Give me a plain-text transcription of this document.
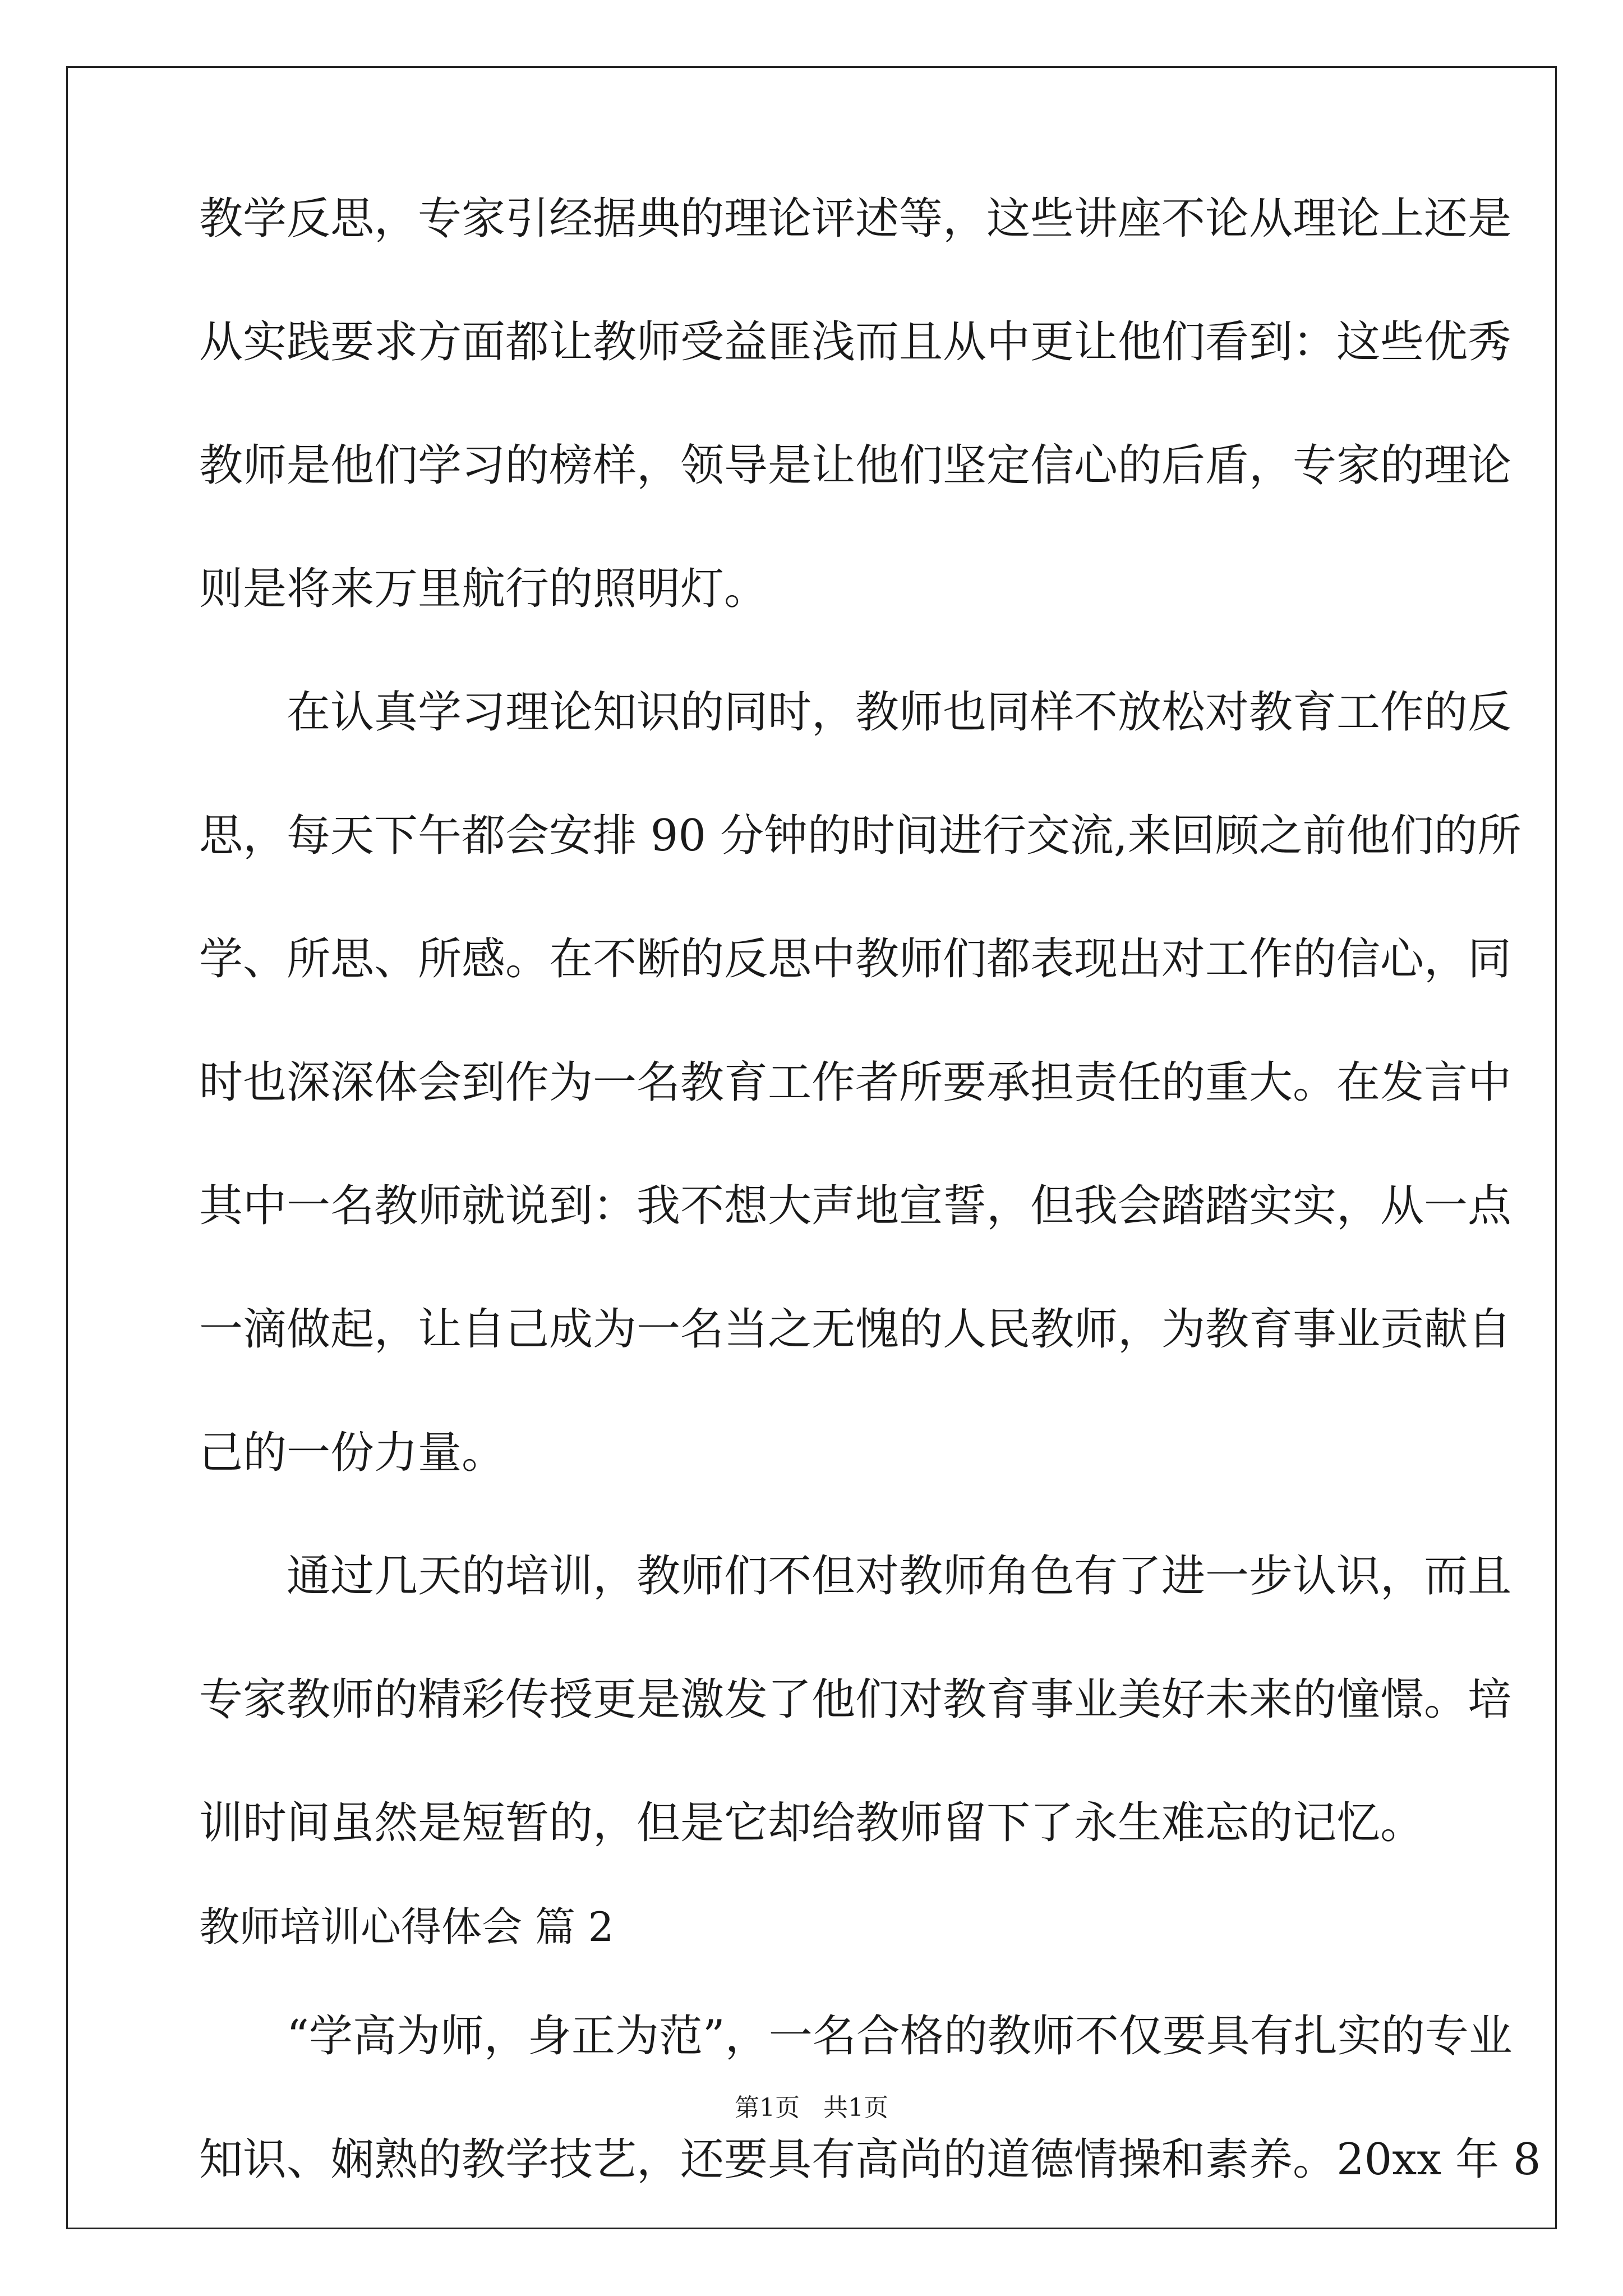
教学反思，专家引经据典的理论评述等，这些讲座不论从理论上还是
从实践要求方面都让教师受益匪浅而且从中更让他们看到：这些优秀
教师是他们学习的榜样，领导是让他们坚定信心的后盾，专家的理论
则是将来万里航行的照明灯。
　　在认真学习理论知识的同时，教师也同样不放松对教育工作的反
思，每天下午都会安排 90 分钟的时间进行交流,来回顾之前他们的所
学、所思、所感。在不断的反思中教师们都表现出对工作的信心，同
时也深深体会到作为一名教育工作者所要承担责任的重大。在发言中
其中一名教师就说到：我不想大声地宣誓，但我会踏踏实实，从一点
一滴做起，让自己成为一名当之无愧的人民教师，为教育事业贡献自
己的一份力量。
　　通过几天的培训，教师们不但对教师角色有了进一步认识，而且
专家教师的精彩传授更是激发了他们对教育事业美好未来的憧憬。培
训时间虽然是短暂的，但是它却给教师留下了永生难忘的记忆。
教师培训心得体会 篇 2
　　“学高为师，身正为范”，一名合格的教师不仅要具有扎实的专业
知识、娴熟的教学技艺，还要具有高尚的道德情操和素养。20xx 年 8
第1页   共1页
